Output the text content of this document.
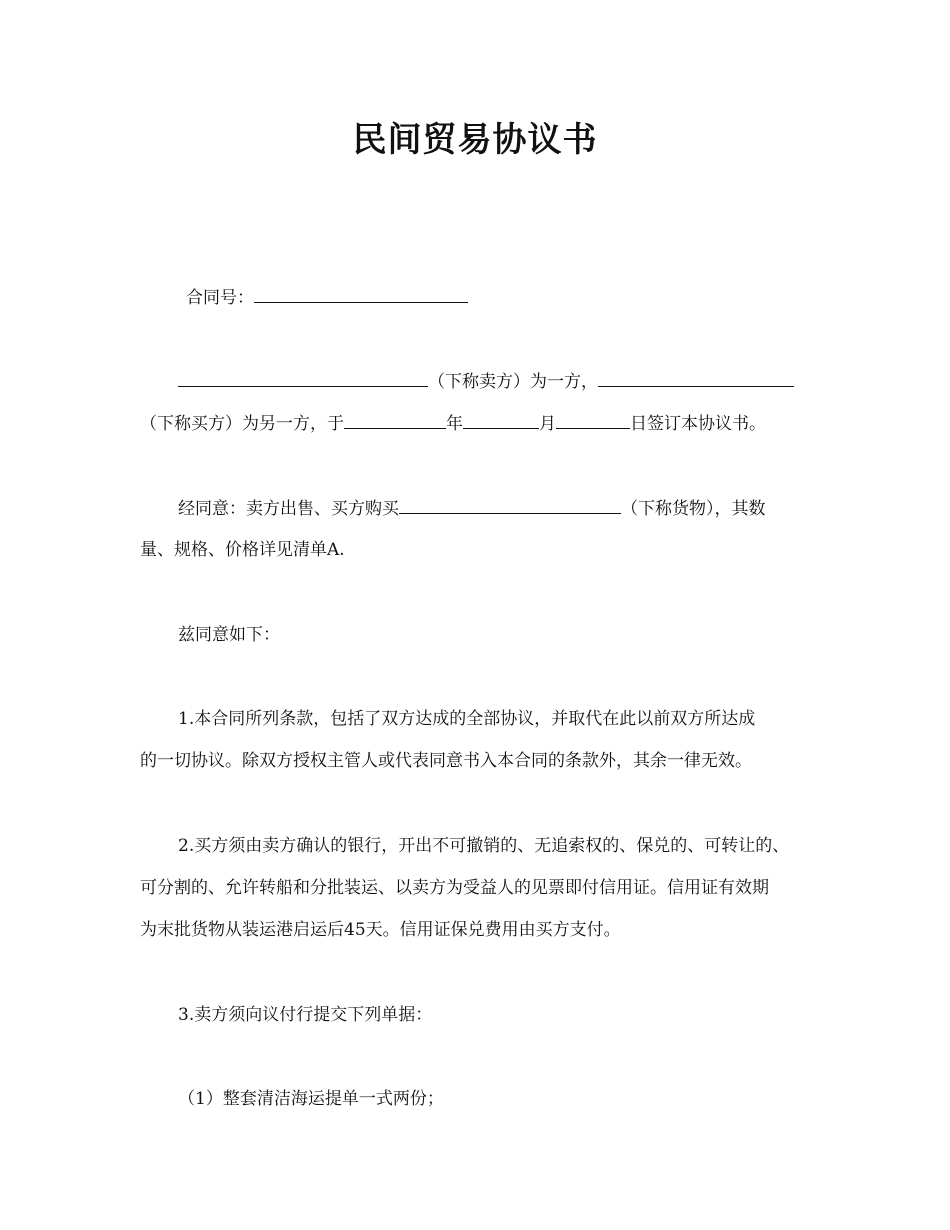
民间贸易协议书
合同号：
（下称卖方）为一方，
（下称买方）为另一方，于	年	月	日签订本协议书。
经同意：卖方出售、买方购买	（下称货物），其数
量、规格、价格详见清单A.
兹同意如下：
1.本合同所列条款，包括了双方达成的全部协议，并取代在此以前双方所达成
的一切协议。除双方授权主管人或代表同意书入本合同的条款外，其余一律无效。
2.买方须由卖方确认的银行，开出不可撤销的、无追索权的、保兑的、可转让的、
可分割的、允许转船和分批装运、以卖方为受益人的见票即付信用证。信用证有效期
为末批货物从装运港启运后45天。信用证保兑费用由买方支付。
3.卖方须向议付行提交下列单据：
（1）整套清洁海运提单一式两份；
